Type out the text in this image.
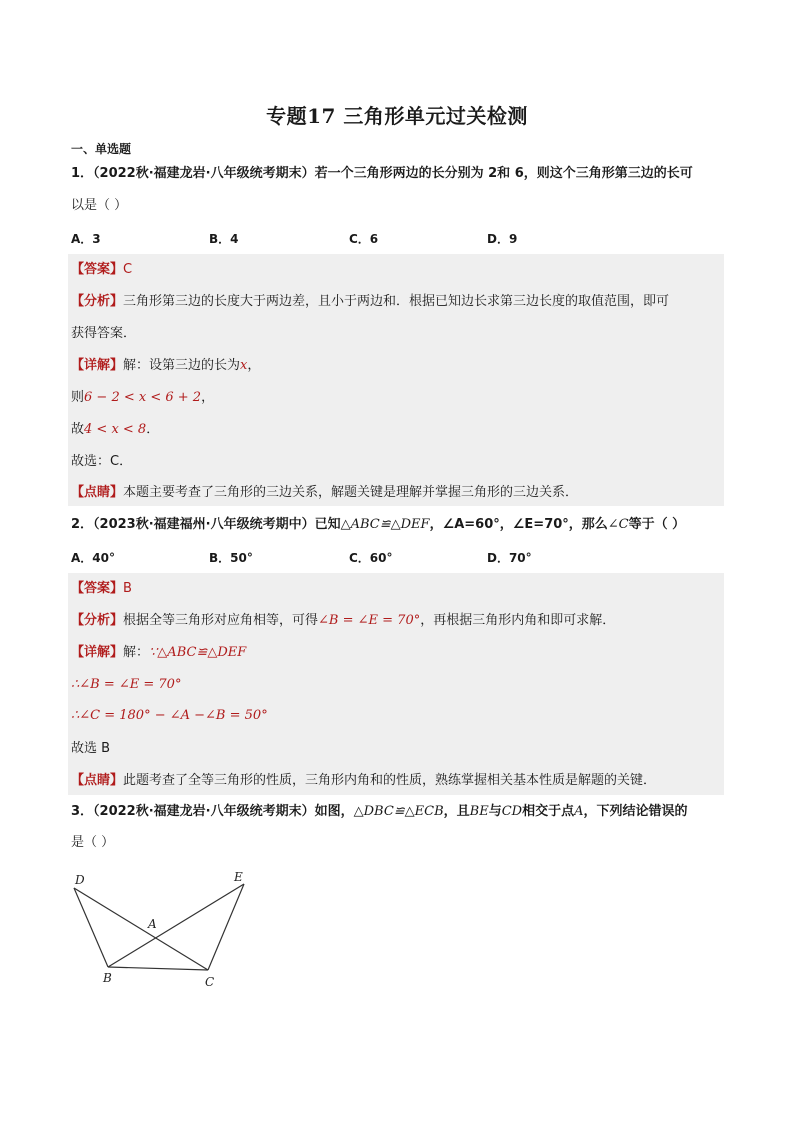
专题17 三角形单元过关检测
一、单选题
1．（2022秋·福建龙岩·八年级统考期末）若一个三角形两边的长分别为 2和 6，则这个三角形第三边的长可
以是（ ）
A．3	B．4	C．6	D．9
【答案】C
【分析】三角形第三边的长度大于两边差，且小于两边和．根据已知边长求第三边长度的取值范围，即可
获得答案．
【详解】解：设第三边的长为x，
则6 − 2 < x < 6 + 2，
故4 < x < 8．
故选：C．
【点睛】本题主要考查了三角形的三边关系，解题关键是理解并掌握三角形的三边关系．
2．（2023秋·福建福州·八年级统考期中）已知△ABC≌△DEF，∠A=60°，∠E=70°，那么∠C等于（ ）
A．40°	B．50°	C．60°	D．70°
【答案】B
【分析】根据全等三角形对应角相等，可得∠B = ∠E = 70°，再根据三角形内角和即可求解．
【详解】解：∵△ABC≌△DEF
∴∠B = ∠E = 70°
∴∠C = 180° − ∠A −∠B = 50°
故选 B
【点睛】此题考查了全等三角形的性质，三角形内角和的性质，熟练掌握相关基本性质是解题的关键．
3．（2022秋·福建龙岩·八年级统考期末）如图，△DBC≌△ECB，且BE与CD相交于点A，下列结论错误的
是（ ）
D	E
A
B	C
